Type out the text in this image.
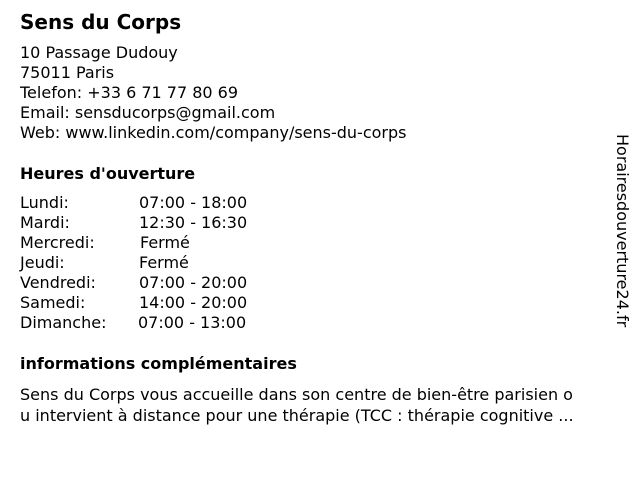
Sens du Corps
10 Passage Dudouy
75011 Paris
Telefon: +33 6 71 77 80 69
Email: sensducorps@gmail.com
Web: www.linkedin.com/company/sens-du-corps
Heures d'ouverture
Lundi:	07:00 - 18:00
Mardi:	12:30 - 16:30
Mercredi:	Fermé
Jeudi:	Fermé
Vendredi:	07:00 - 20:00
Samedi:	14:00 - 20:00
Dimanche: 07:00 - 13:00
informations complémentaires
Sens du Corps vous accueille dans son centre de bien-être parisien o
u intervient à distance pour une thérapie (TCC : thérapie cognitive ...
Horairesdouverture24.fr
